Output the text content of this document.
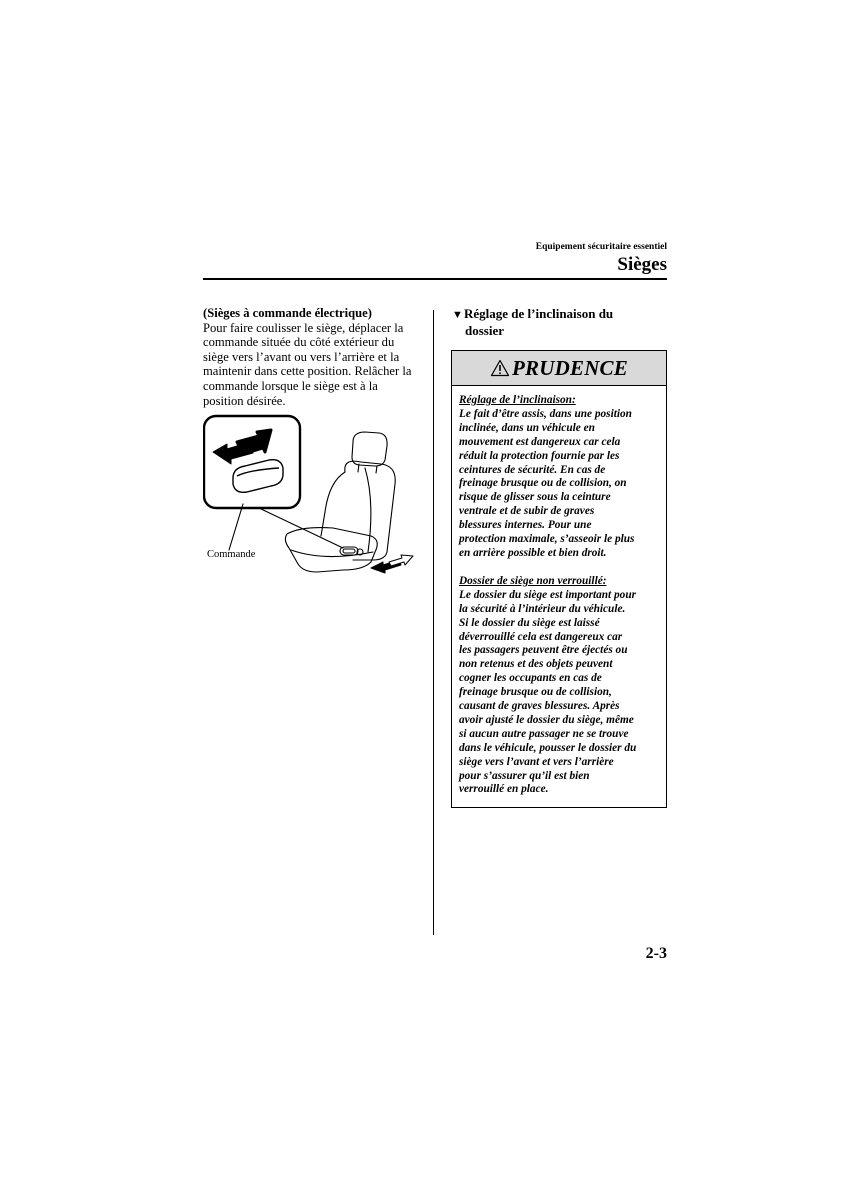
Equipement sécuritaire essentiel
Sièges
(Sièges à commande électrique)
Pour faire coulisser le siège, déplacer la
commande située du côté extérieur du
siège vers l’avant ou vers l’arrière et la
maintenir dans cette position. Relâcher la
commande lorsque le siège est à la
position désirée.
Commande
▼Réglage de l’inclinaison du
dossier
PRUDENCE

Réglage de l’inclinaison:

Le fait d’être assis, dans une position

inclinée, dans un véhicule en

mouvement est dangereux car cela

réduit la protection fournie par les

ceintures de sécurité. En cas de

freinage brusque ou de collision, on

risque de glisser sous la ceinture

ventrale et de subir de graves

blessures internes. Pour une

protection maximale, s’asseoir le plus

en arrière possible et bien droit.

Dossier de siège non verrouillé:

Le dossier du siège est important pour

la sécurité à l’intérieur du véhicule.

Si le dossier du siège est laissé

déverrouillé cela est dangereux car

les passagers peuvent être éjectés ou

non retenus et des objets peuvent

cogner les occupants en cas de

freinage brusque ou de collision,

causant de graves blessures. Après

avoir ajusté le dossier du siège, même

si aucun autre passager ne se trouve

dans le véhicule, pousser le dossier du

siège vers l’avant et vers l’arrière

pour s’assurer qu’il est bien

verrouillé en place.

2-3
